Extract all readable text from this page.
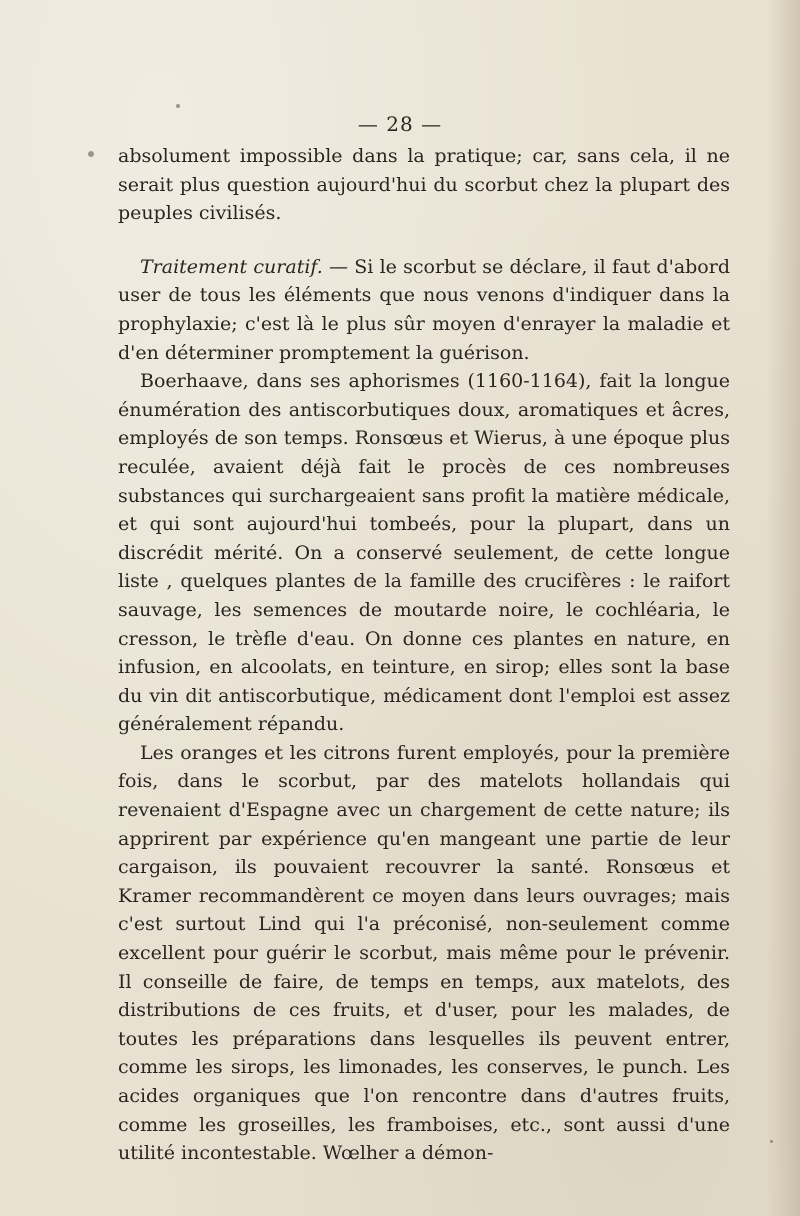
— 28 —

absolument impossible dans la pratique; car, sans cela, il ne serait plus question aujourd'hui du scorbut chez la plupart des peuples civilisés.

Traitement curatif. — Si le scorbut se déclare, il faut d'abord user de tous les éléments que nous venons d'indiquer dans la prophylaxie; c'est là le plus sûr moyen d'enrayer la maladie et d'en déterminer promptement la guérison.

Boerhaave, dans ses aphorismes (1160-1164), fait la longue énumération des antiscorbutiques doux, aromatiques et âcres, employés de son temps. Ronsœus et Wierus, à une époque plus reculée, avaient déjà fait le procès de ces nombreuses substances qui surchargeaient sans profit la matière médicale, et qui sont aujourd'hui tombeés, pour la plupart, dans un discrédit mérité. On a conservé seulement, de cette longue liste , quelques plantes de la famille des crucifères : le raifort sauvage, les semences de moutarde noire, le cochléaria, le cresson, le trèfle d'eau. On donne ces plantes en nature, en infusion, en alcoolats, en teinture, en sirop; elles sont la base du vin dit antiscorbutique, médicament dont l'emploi est assez généralement répandu.

Les oranges et les citrons furent employés, pour la première fois, dans le scorbut, par des matelots hollandais qui revenaient d'Espagne avec un chargement de cette nature; ils apprirent par expérience qu'en mangeant une partie de leur cargaison, ils pouvaient recouvrer la santé. Ronsœus et Kramer recommandèrent ce moyen dans leurs ouvrages; mais c'est surtout Lind qui l'a préconisé, non-seulement comme excellent pour guérir le scorbut, mais même pour le prévenir. Il conseille de faire, de temps en temps, aux matelots, des distributions de ces fruits, et d'user, pour les malades, de toutes les préparations dans lesquelles ils peuvent entrer, comme les sirops, les limonades, les conserves, le punch. Les acides organiques que l'on rencontre dans d'autres fruits, comme les groseilles, les framboises, etc., sont aussi d'une utilité incontestable. Wœlher a démon-
